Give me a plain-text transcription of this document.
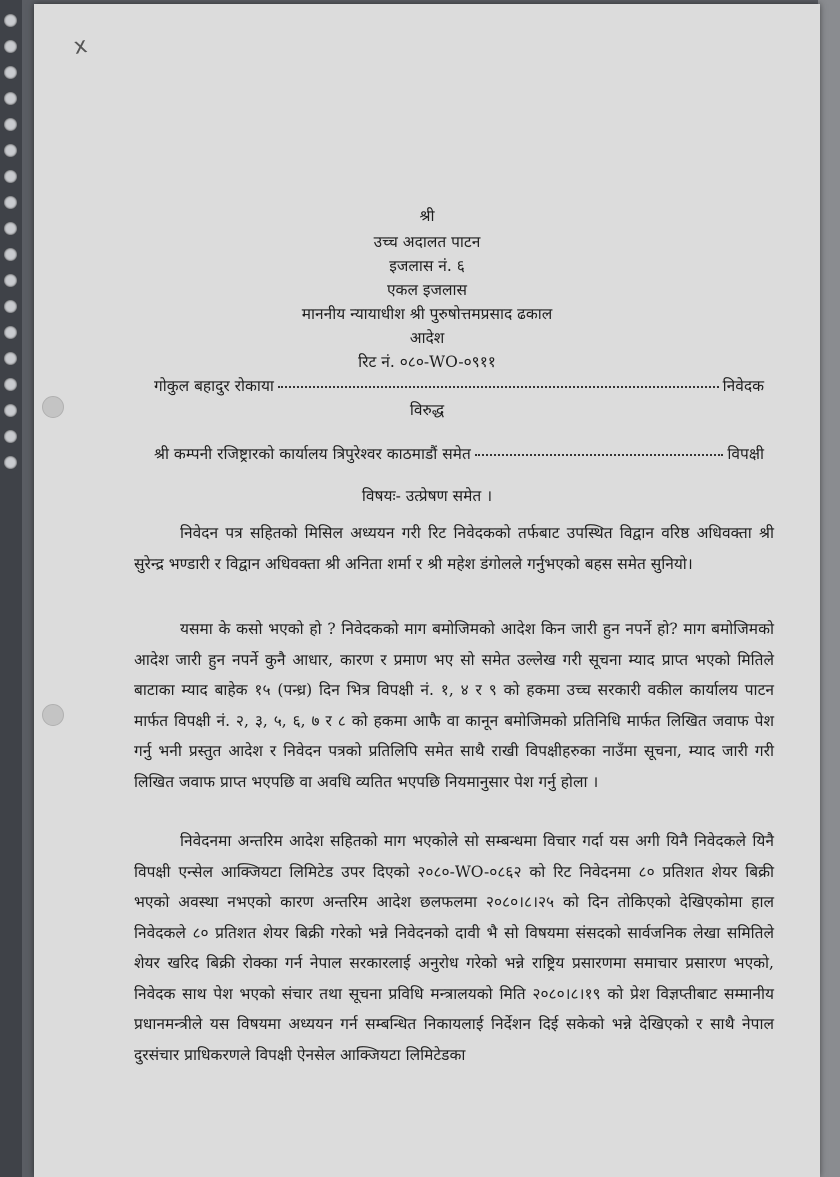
x
श्री
उच्च अदालत पाटन
इजलास नं. ६
एकल इजलास
माननीय न्यायाधीश श्री पुरुषोत्तमप्रसाद ढकाल
आदेश
रिट नं. ०८०-WO-०९११
गोकुल बहादुर रोकाया	निवेदक
विरुद्ध
श्री कम्पनी रजिष्ट्रारको कार्यालय त्रिपुरेश्वर काठमाडौं समेत	विपक्षी
विषयः- उत्प्रेषण समेत ।
निवेदन पत्र सहितको मिसिल अध्ययन गरी रिट निवेदकको तर्फबाट उपस्थित विद्वान वरिष्ठ अधिवक्ता श्री सुरेन्द्र भण्डारी र विद्वान अधिवक्ता श्री अनिता शर्मा र श्री महेश डंगोलले गर्नुभएको बहस समेत सुनियो।
यसमा के कसो भएको हो ? निवेदकको माग बमोजिमको आदेश किन जारी हुन नपर्ने हो? माग बमोजिमको आदेश जारी हुन नपर्ने कुनै आधार, कारण र प्रमाण भए सो समेत उल्लेख गरी सूचना म्याद प्राप्त भएको मितिले बाटाका म्याद बाहेक १५ (पन्ध्र) दिन भित्र विपक्षी नं. १, ४ र ९ को हकमा उच्च सरकारी वकील कार्यालय पाटन मार्फत विपक्षी नं. २, ३, ५, ६, ७ र ८ को हकमा आफै वा कानून बमोजिमको प्रतिनिधि मार्फत लिखित जवाफ पेश गर्नु भनी प्रस्तुत आदेश र निवेदन पत्रको प्रतिलिपि समेत साथै राखी विपक्षीहरुका नाउँमा सूचना, म्याद जारी गरी लिखित जवाफ प्राप्त भएपछि वा अवधि व्यतित भएपछि नियमानुसार पेश गर्नु होला ।
निवेदनमा अन्तरिम आदेश सहितको माग भएकोले सो सम्बन्धमा विचार गर्दा यस अगी यिनै निवेदकले यिनै विपक्षी एन्सेल आक्जियटा लिमिटेड उपर दिएको २०८०-WO-०८६२ को रिट निवेदनमा ८० प्रतिशत शेयर बिक्री भएको अवस्था नभएको कारण अन्तरिम आदेश छलफलमा २०८०।८।२५ को दिन तोकिएको देखिएकोमा हाल निवेदकले ८० प्रतिशत शेयर बिक्री गरेको भन्ने निवेदनको दावी भै सो विषयमा संसदको सार्वजनिक लेखा समितिले शेयर खरिद बिक्री रोक्का गर्न नेपाल सरकारलाई अनुरोध गरेको भन्ने राष्ट्रिय प्रसारणमा समाचार प्रसारण भएको, निवेदक साथ पेश भएको संचार तथा सूचना प्रविधि मन्त्रालयको मिति २०८०।८।१९ को प्रेश विज्ञप्तीबाट सम्मानीय प्रधानमन्त्रीले यस विषयमा अध्ययन गर्न सम्बन्धित निकायलाई निर्देशन दिई सकेको भन्ने देखिएको र साथै नेपाल दुरसंचार प्राधिकरणले विपक्षी ऐनसेल आक्जियटा लिमिटेडका
